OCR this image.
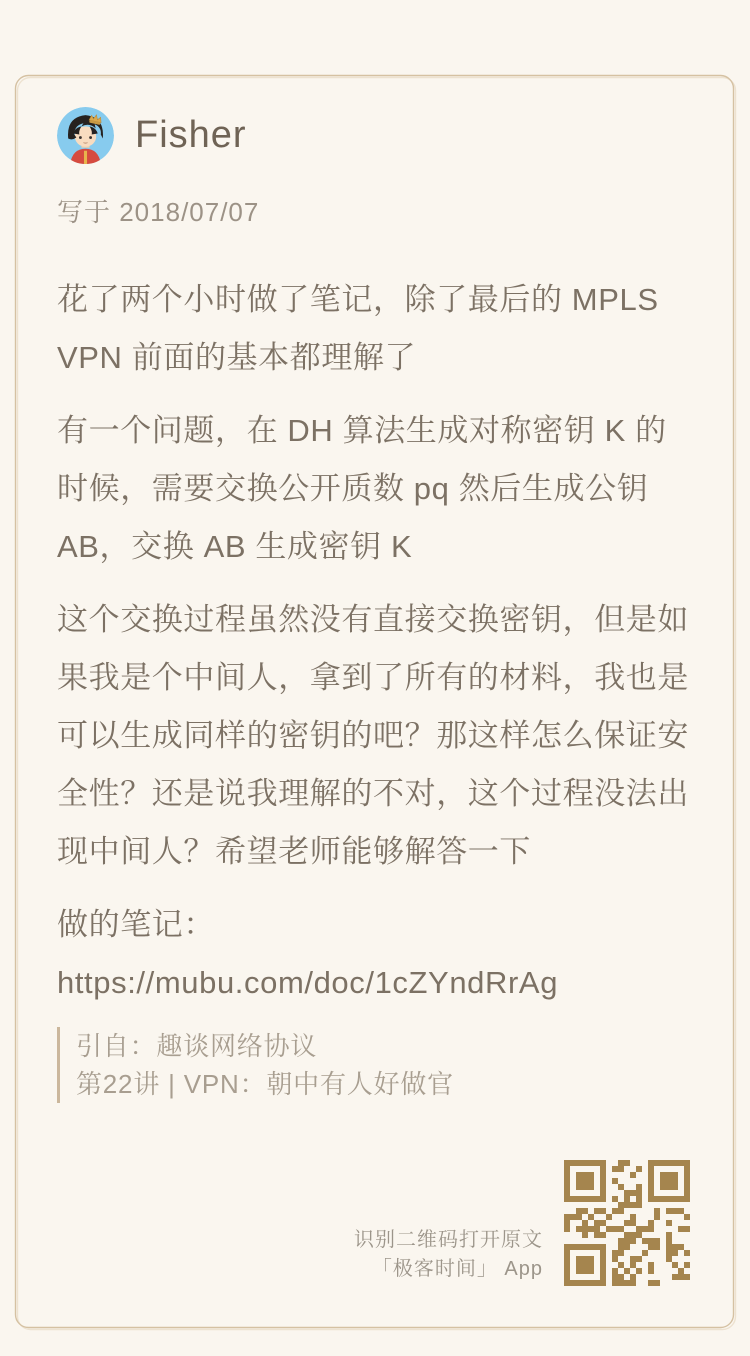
Fisher
写于 2018/07/07

花了两个小时做了笔记，除了最后的 MPLS VPN 前面的基本都理解了

有一个问题，在 DH 算法生成对称密钥 K 的时候，需要交换公开质数 pq 然后生成公钥 AB，交换 AB 生成密钥 K

这个交换过程虽然没有直接交换密钥，但是如果我是个中间人，拿到了所有的材料，我也是可以生成同样的密钥的吧？那这样怎么保证安全性？还是说我理解的不对，这个过程没法出现中间人？希望老师能够解答一下

做的笔记：

https://mubu.com/doc/1cZYndRrAg

引自：趣谈网络协议
第22讲 | VPN：朝中有人好做官
识别二维码打开原文
「极客时间」 App
